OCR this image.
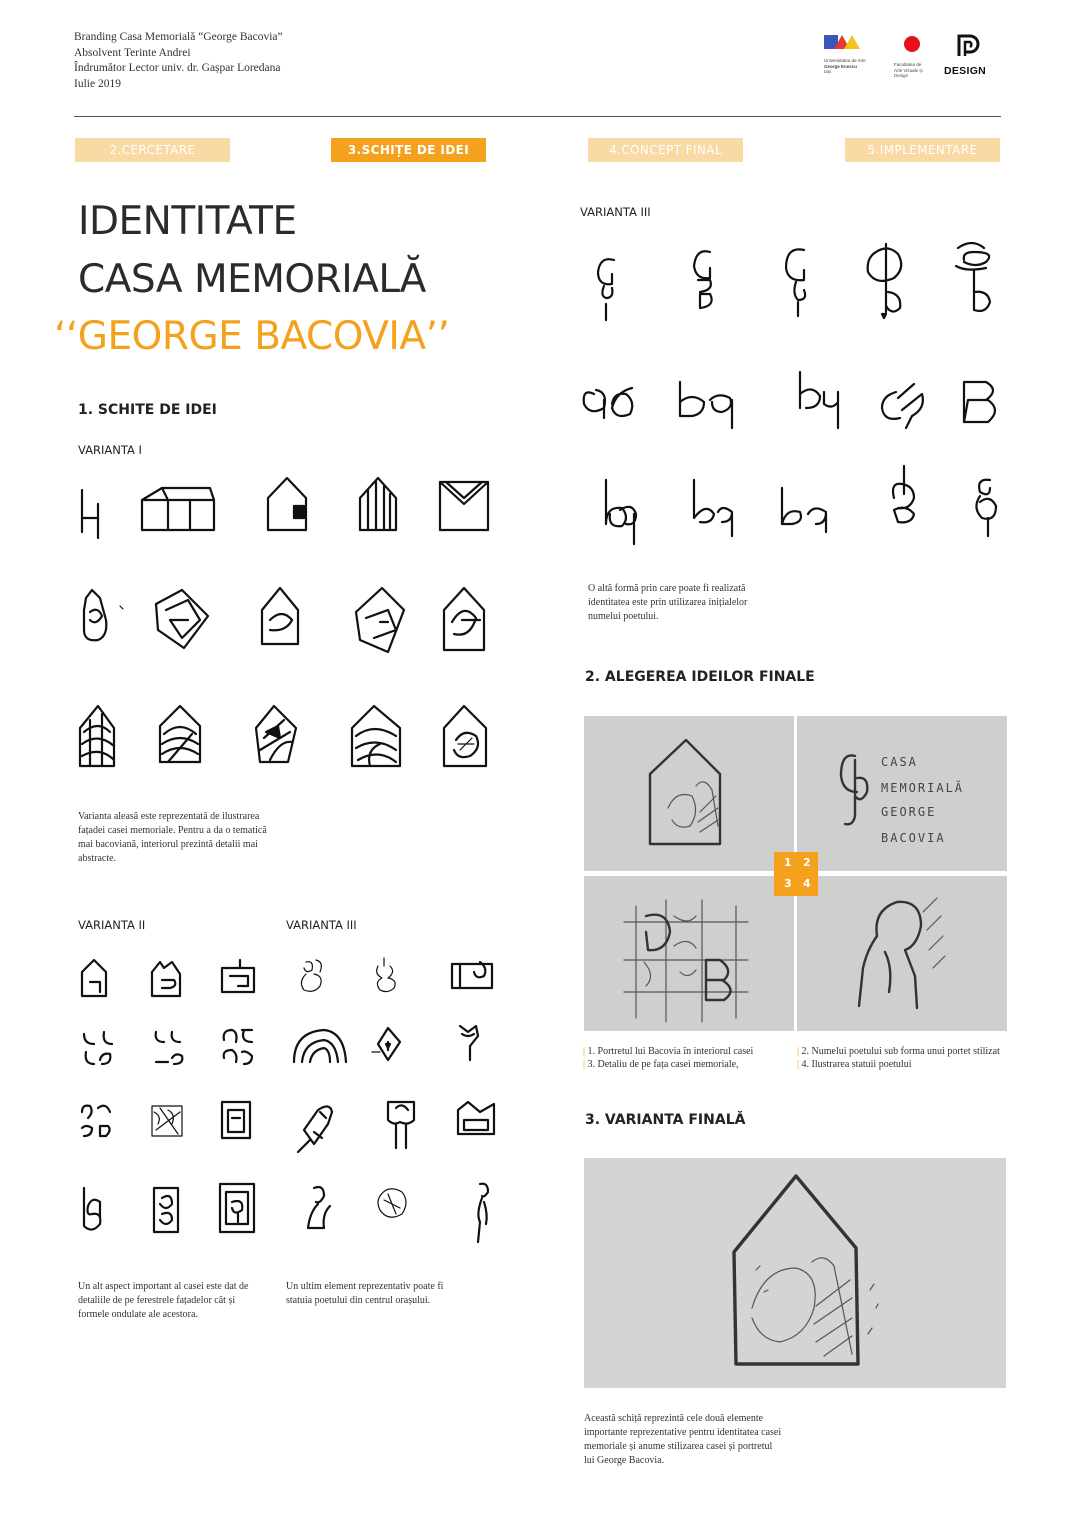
Branding Casa Memorială “George Bacovia”
Absolvent Terinte Andrei
Îndrumător Lector univ. dr. Gașpar Loredana
Iulie 2019
Universitatea de Arte
George Enescu
Iași
Facultatea de
Arte Vizuale și
Design	DESIGN
2.CERCETARE	3.SCHIȚE DE IDEI	4.CONCEPT FINAL	5.IMPLEMENTARE
IDENTITATE
CASA MEMORIALĂ
‘‘GEORGE BACOVIA’’
1. SCHITE DE IDEI
VARIANTA I
Varianta aleasă este reprezentată de ilustrarea fațadei casei memoriale. Pentru a da o tematică mai bacoviană, interiorul prezintă detalii mai abstracte.
VARIANTA II	VARIANTA III
Un alt aspect important al casei este dat de detaliile de pe ferestrele fațadelor cât și formele ondulate ale acestora.
Un ultim element reprezentativ poate fi statuia poetului din centrul orașului.
VARIANTA III
O altă formă prin care poate fi realizată identitatea este prin utilizarea inițialelor numelui poetului.
2. ALEGEREA IDEILOR FINALE
CASA
MEMORIALĂ
GEORGE
BACOVIA
1 2
3 4
| 1. Portretul lui Bacovia în interiorul casei	| 2. Numelui poetului sub forma unui portet stilizat
| 3. Detaliu de pe fața casei memoriale,	| 4. Ilustrarea statuii poetului
3. VARIANTA FINALĂ
Această schiță reprezintă cele două elemente importante reprezentative pentru identitatea casei memoriale și anume stilizarea casei și portretul lui George Bacovia.
